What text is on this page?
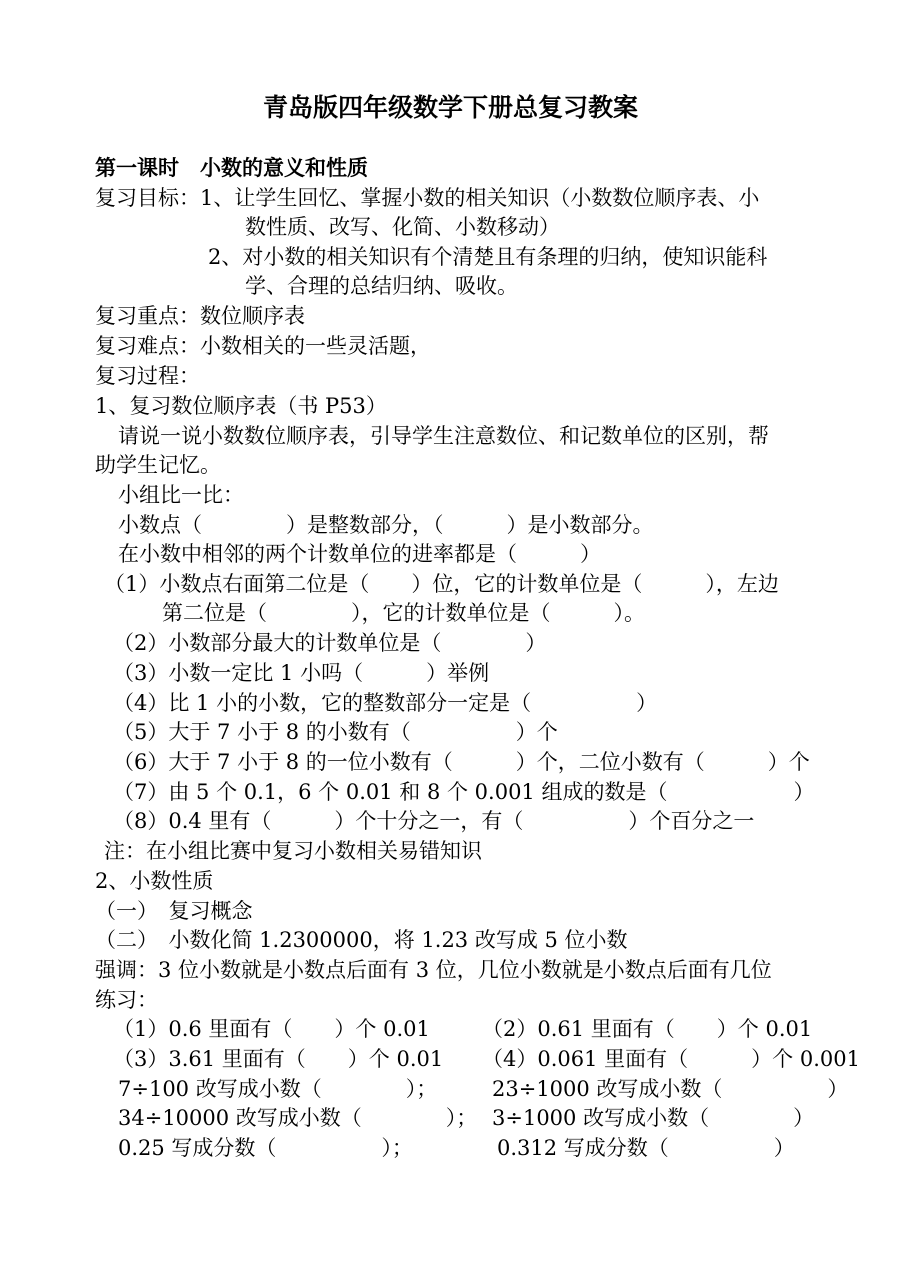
青岛版四年级数学下册总复习教案
第一课时　小数的意义和性质
复习目标：1、让学生回忆、掌握小数的相关知识（小数数位顺序表、小
数性质、改写、化简、小数移动）
2、对小数的相关知识有个清楚且有条理的归纳，使知识能科
学、合理的总结归纳、吸收。
复习重点：数位顺序表
复习难点：小数相关的一些灵活题，
复习过程：
1、复习数位顺序表（书 P53）
请说一说小数数位顺序表，引导学生注意数位、和记数单位的区别，帮
助学生记忆。
小组比一比：
小数点（　　　　）是整数部分，（　　　）是小数部分。
在小数中相邻的两个计数单位的进率都是（　　　）
（1）小数点右面第二位是（　　）位，它的计数单位是（　　　），左边
第二位是（　　　　），它的计数单位是（　　　）。
（2）小数部分最大的计数单位是（　　　　）
（3）小数一定比 1 小吗（　　　）举例
（4）比 1 小的小数，它的整数部分一定是（　　　　　）
（5）大于 7 小于 8 的小数有（　　　　　）个
（6）大于 7 小于 8 的一位小数有（　　　）个，二位小数有（　　　）个
（7）由 5 个 0.1，6 个 0.01 和 8 个 0.001 组成的数是（　　　　　　）
（8）0.4 里有（　　　）个十分之一，有（　　　　　）个百分之一
注：在小组比赛中复习小数相关易错知识
2、小数性质
（一）　复习概念
（二）　小数化简 1.2300000，将 1.23 改写成 5 位小数
强调：3 位小数就是小数点后面有 3 位，几位小数就是小数点后面有几位
练习：
（1）0.6 里面有（　　）个 0.01 （2）0.61 里面有（　　）个 0.01
（3）3.61 里面有（　　）个 0.01 （4）0.061 里面有（　　　）个 0.001
7÷100 改写成小数（　　　　）；	23÷1000 改写成小数（　　　　　）
34÷10000 改写成小数（　　　　）； 3÷1000 改写成小数（　　　　）
0.25 写成分数（　　　　　）；	0.312 写成分数（　　　　　）
